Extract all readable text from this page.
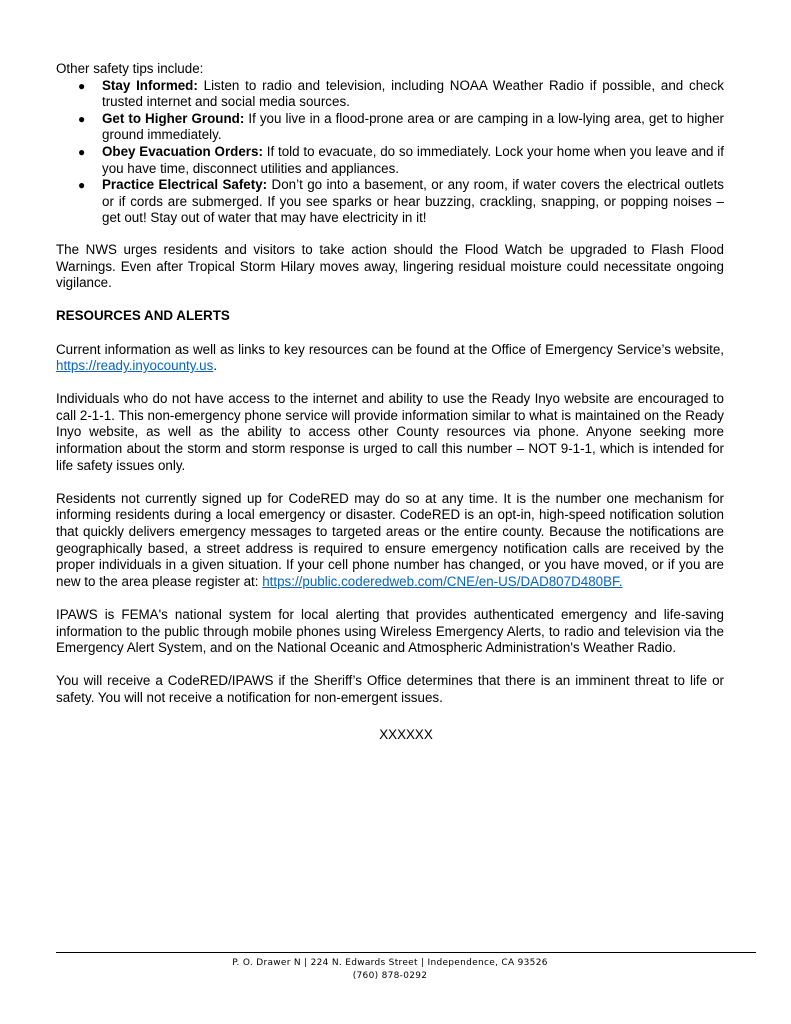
Other safety tips include:
● Stay Informed: Listen to radio and television, including NOAA Weather Radio if possible, and check trusted internet and social media sources.
● Get to Higher Ground: If you live in a flood-prone area or are camping in a low-lying area, get to higher ground immediately.
● Obey Evacuation Orders: If told to evacuate, do so immediately. Lock your home when you leave and if you have time, disconnect utilities and appliances.
● Practice Electrical Safety: Don’t go into a basement, or any room, if water covers the electrical outlets or if cords are submerged. If you see sparks or hear buzzing, crackling, snapping, or popping noises – get out! Stay out of water that may have electricity in it!

The NWS urges residents and visitors to take action should the Flood Watch be upgraded to Flash Flood Warnings. Even after Tropical Storm Hilary moves away, lingering residual moisture could necessitate ongoing vigilance.

RESOURCES AND ALERTS

Current information as well as links to key resources can be found at the Office of Emergency Service’s website, https://ready.inyocounty.us.

Individuals who do not have access to the internet and ability to use the Ready Inyo website are encouraged to call 2-1-1. This non-emergency phone service will provide information similar to what is maintained on the Ready Inyo website, as well as the ability to access other County resources via phone. Anyone seeking more information about the storm and storm response is urged to call this number – NOT 9-1-1, which is intended for life safety issues only.

Residents not currently signed up for CodeRED may do so at any time. It is the number one mechanism for informing residents during a local emergency or disaster. CodeRED is an opt-in, high-speed notification solution that quickly delivers emergency messages to targeted areas or the entire county. Because the notifications are geographically based, a street address is required to ensure emergency notification calls are received by the proper individuals in a given situation. If your cell phone number has changed, or you have moved, or if you are new to the area please register at: https://public.coderedweb.com/CNE/en-US/DAD807D480BF.

IPAWS is FEMA's national system for local alerting that provides authenticated emergency and life-saving information to the public through mobile phones using Wireless Emergency Alerts, to radio and television via the Emergency Alert System, and on the National Oceanic and Atmospheric Administration's Weather Radio.

You will receive a CodeRED/IPAWS if the Sheriff’s Office determines that there is an imminent threat to life or safety. You will not receive a notification for non-emergent issues.

XXXXXX
P. O. Drawer N | 224 N. Edwards Street | Independence, CA 93526
(760) 878-0292
